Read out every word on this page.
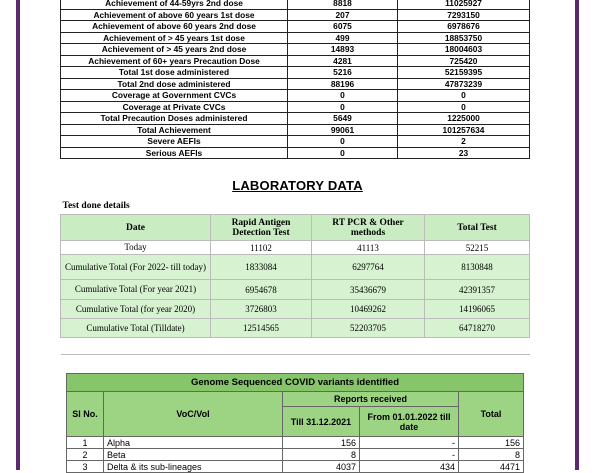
Achievement of 44-59yrs 2nd dose	8818	11025927
Achievement of above 60 years 1st dose	207	7293150
Achievement of above 60 years 2nd dose	6075	6978676
Achievement of > 45 years 1st dose	499	18853750
Achievement of > 45 years 2nd dose	14893	18004603
Achievement of 60+ years Precaution Dose	4281	725420
Total 1st dose administered	5216	52159395
Total 2nd dose administered	88196	47873239
Coverage at Government CVCs	0	0
Coverage at Private CVCs	0	0
Total Precaution Doses administered	5649	1225000
Total Achievement	99061	101257634
Severe AEFIs	0	2
Serious AEFIs	0	23
LABORATORY DATA
Test done details			
Date	Rapid Antigen Detection Test	RT PCR & Other methods	Total Test
Today	11102	41113	52215
Cumulative Total (For 2022- till today)	1833084	6297764	8130848
Cumulative Total (For year 2021)	6954678	35436679	42391357
Cumulative Total (for year 2020)	3726803	10469262	14196065
Cumulative Total (Tilldate)	12514565	52203705	64718270

Genome Sequenced COVID variants identified				
Sl No.	VoC/VoI	Reports received		Total
		Till 31.12.2021	From 01.01.2022 till date	
1	Alpha	156	-	156
2	Beta	8	-	8
3	Delta & its sub-lineages	4037	434	4471
